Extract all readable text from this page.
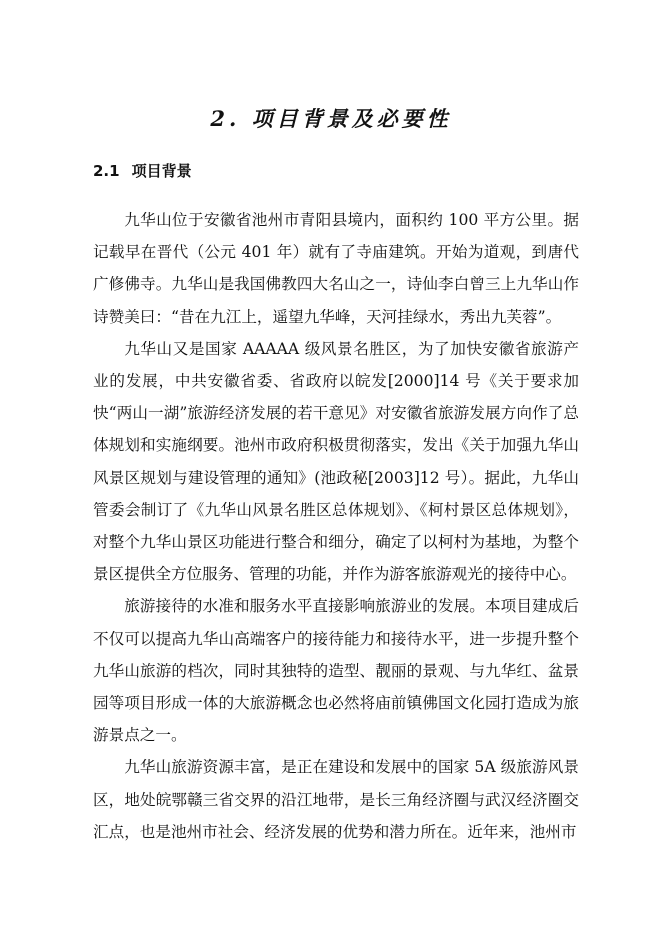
2. 项目背景及必要性
2.1 项目背景

九华山位于安徽省池州市青阳县境内，面积约 100 平方公里。据记载早在晋代（公元 401 年）就有了寺庙建筑。开始为道观，到唐代广修佛寺。九华山是我国佛教四大名山之一，诗仙李白曾三上九华山作诗赞美曰：“昔在九江上，遥望九华峰，天河挂绿水，秀出九芙蓉”。

九华山又是国家 AAAAA 级风景名胜区，为了加快安徽省旅游产业的发展，中共安徽省委、省政府以皖发[2000]14 号《关于要求加快“两山一湖”旅游经济发展的若干意见》对安徽省旅游发展方向作了总体规划和实施纲要。池州市政府积极贯彻落实，发出《关于加强九华山风景区规划与建设管理的通知》(池政秘[2003]12 号）。据此，九华山管委会制订了《九华山风景名胜区总体规划》、《柯村景区总体规划》，对整个九华山景区功能进行整合和细分，确定了以柯村为基地，为整个景区提供全方位服务、管理的功能，并作为游客旅游观光的接待中心。

旅游接待的水准和服务水平直接影响旅游业的发展。本项目建成后不仅可以提高九华山高端客户的接待能力和接待水平，进一步提升整个九华山旅游的档次，同时其独特的造型、靓丽的景观、与九华红、盆景园等项目形成一体的大旅游概念也必然将庙前镇佛国文化园打造成为旅游景点之一。

九华山旅游资源丰富，是正在建设和发展中的国家 5A 级旅游风景区，地处皖鄂赣三省交界的沿江地带，是长三角经济圈与武汉经济圈交汇点，也是池州市社会、经济发展的优势和潜力所在。近年来，池州市
